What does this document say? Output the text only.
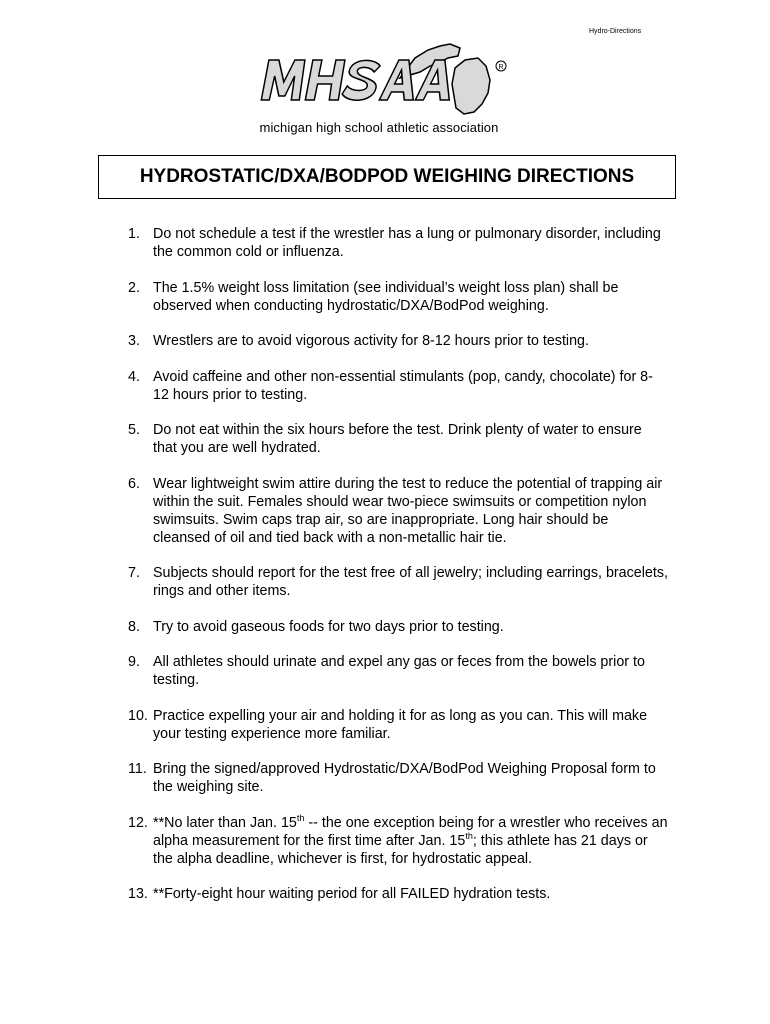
Hydro-Directions
R
michigan high school athletic association
HYDROSTATIC/DXA/BODPOD WEIGHING DIRECTIONS
1. Do not schedule a test if the wrestler has a lung or pulmonary disorder, including the common cold or influenza.
2. The 1.5% weight loss limitation (see individual’s weight loss plan) shall be observed when conducting hydrostatic/DXA/BodPod weighing.
3. Wrestlers are to avoid vigorous activity for 8-12 hours prior to testing.
4. Avoid caffeine and other non-essential stimulants (pop, candy, chocolate) for 8-12 hours prior to testing.
5. Do not eat within the six hours before the test. Drink plenty of water to ensure that you are well hydrated.
6. Wear lightweight swim attire during the test to reduce the potential of trapping air within the suit. Females should wear two-piece swimsuits or competition nylon swimsuits. Swim caps trap air, so are inappropriate. Long hair should be cleansed of oil and tied back with a non-metallic hair tie.
7. Subjects should report for the test free of all jewelry; including earrings, bracelets, rings and other items.
8. Try to avoid gaseous foods for two days prior to testing.
9. All athletes should urinate and expel any gas or feces from the bowels prior to testing.
10. Practice expelling your air and holding it for as long as you can. This will make your testing experience more familiar.
11. Bring the signed/approved Hydrostatic/DXA/BodPod Weighing Proposal form to the weighing site.
12. **No later than Jan. 15th -- the one exception being for a wrestler who receives an alpha measurement for the first time after Jan. 15th; this athlete has 21 days or the alpha deadline, whichever is first, for hydrostatic appeal.
13. **Forty-eight hour waiting period for all FAILED hydration tests.
